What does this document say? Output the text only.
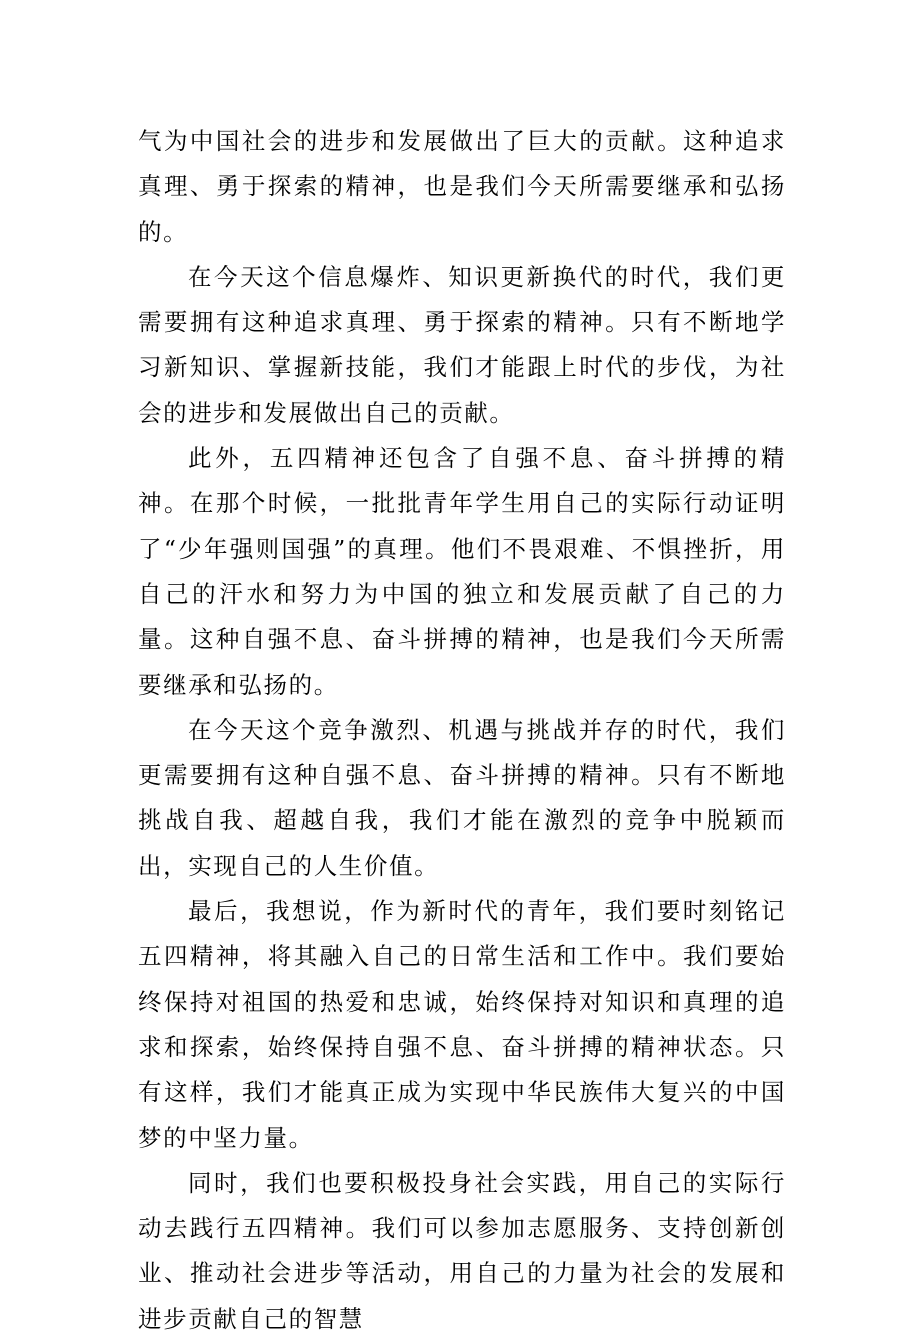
气为中国社会的进步和发展做出了巨大的贡献。这种追求真理、勇于探索的精神，也是我们今天所需要继承和弘扬的。

在今天这个信息爆炸、知识更新换代的时代，我们更需要拥有这种追求真理、勇于探索的精神。只有不断地学习新知识、掌握新技能，我们才能跟上时代的步伐，为社会的进步和发展做出自己的贡献。

此外，五四精神还包含了自强不息、奋斗拼搏的精神。在那个时候，一批批青年学生用自己的实际行动证明了“少年强则国强”的真理。他们不畏艰难、不惧挫折，用自己的汗水和努力为中国的独立和发展贡献了自己的力量。这种自强不息、奋斗拼搏的精神，也是我们今天所需要继承和弘扬的。

在今天这个竞争激烈、机遇与挑战并存的时代，我们更需要拥有这种自强不息、奋斗拼搏的精神。只有不断地挑战自我、超越自我，我们才能在激烈的竞争中脱颖而出，实现自己的人生价值。

最后，我想说，作为新时代的青年，我们要时刻铭记五四精神，将其融入自己的日常生活和工作中。我们要始终保持对祖国的热爱和忠诚，始终保持对知识和真理的追求和探索，始终保持自强不息、奋斗拼搏的精神状态。只有这样，我们才能真正成为实现中华民族伟大复兴的中国梦的中坚力量。

同时，我们也要积极投身社会实践，用自己的实际行动去践行五四精神。我们可以参加志愿服务、支持创新创业、推动社会进步等活动，用自己的力量为社会的发展和进步贡献自己的智慧
